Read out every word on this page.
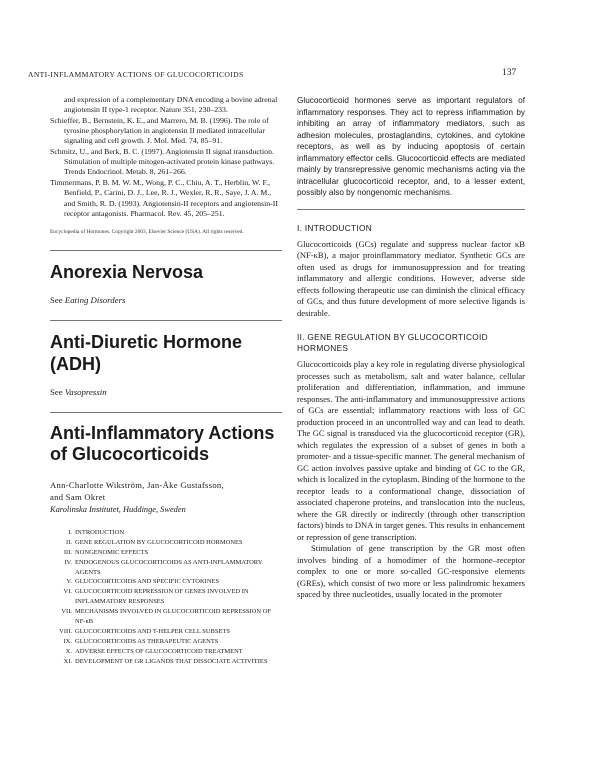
ANTI-INFLAMMATORY ACTIONS OF GLUCOCORTICOIDS	137

and expression of a complementary DNA encoding a bovine adrenal angiotensin II type-1 receptor. Nature 351, 230–233.

Schieffer, B., Bernstein, K. E., and Marrero, M. B. (1996). The role of tyrosine phosphorylation in angiotensin II mediated intracellular signaling and cell growth. J. Mol. Med. 74, 85–91.

Schmitz, U., and Berk, B. C. (1997). Angiotensin II signal transduction. Stimulation of multiple mitogen-activated protein kinase pathways. Trends Endocrinol. Metab. 8, 261–266.

Timmermans, P. B. M. W. M., Wong, P. C., Chiu, A. T., Herblin, W. F., Benfield, P., Carini, D. J., Lee, R. J., Wexler, R. R., Saye, J. A. M., and Smith, R. D. (1993). Angiotensin-II receptors and angiotensin-II receptor antagonists. Pharmacol. Rev. 45, 205–251.

Encyclopedia of Hormones. Copyright 2003, Elsevier Science (USA). All rights reserved.
Anorexia Nervosa

See Eating Disorders

Anti-Diuretic Hormone (ADH)

See Vasopressin

Anti-Inflammatory Actions
of Glucocorticoids
Ann-Charlotte Wikström, Jan-Åke Gustafsson,
and Sam Okret
Karolinska Institutet, Huddinge, Sweden
I. INTRODUCTION
II. GENE REGULATION BY GLUCOCORTICOID HORMONES
III. NONGENOMIC EFFECTS
IV. ENDOGENOUS GLUCOCORTICOIDS AS ANTI-INFLAMMATORY AGENTS
V. GLUCOCORTICOIDS AND SPECIFIC CYTOKINES
VI. GLUCOCORTICOID REPRESSION OF GENES INVOLVED IN INFLAMMATORY RESPONSES
VII. MECHANISMS INVOLVED IN GLUCOCORTICOID REPRESSION OF NF-κB
VIII. GLUCOCORTICOIDS AND T-HELPER CELL SUBSETS
IX. GLUCOCORTICOIDS AS THERAPEUTIC AGENTS
X. ADVERSE EFFECTS OF GLUCOCORTICOID TREATMENT
XI. DEVELOPMENT OF GR LIGANDS THAT DISSOCIATE ACTIVITIES
Glucocorticoid hormones serve as important regulators of inflammatory responses. They act to repress inflammation by inhibiting an array of inflammatory mediators, such as adhesion molecules, prostaglandins, cytokines, and cytokine receptors, as well as by inducing apoptosis of certain inflammatory effector cells. Glucocorticoid effects are mediated mainly by transrepressive genomic mechanisms acting via the intracellular glucocorticoid receptor, and, to a lesser extent, possibly also by nongenomic mechanisms.
I. INTRODUCTION

Glucocorticoids (GCs) regulate and suppress nuclear factor κB (NF-κB), a major proinflammatory mediator. Synthetic GCs are often used as drugs for immunosuppression and for treating inflammatory and allergic conditions. However, adverse side effects following therapeutic use can diminish the clinical efficacy of GCs, and thus future development of more selective ligands is desirable.

II. GENE REGULATION BY GLUCOCORTICOID HORMONES

Glucocorticoids play a key role in regulating diverse physiological processes such as metabolism, salt and water balance, cellular proliferation and differentiation, inflammation, and immune responses. The anti-inflammatory and immunosuppressive actions of GCs are essential; inflammatory reactions with loss of GC production proceed in an uncontrolled way and can lead to death. The GC signal is transduced via the glucocorticoid receptor (GR), which regulates the expression of a subset of genes in both a promoter- and a tissue-specific manner. The general mechanism of GC action involves passive uptake and binding of GC to the GR, which is localized in the cytoplasm. Binding of the hormone to the receptor leads to a conformational change, dissociation of associated chaperone proteins, and translocation into the nucleus, where the GR directly or indirectly (through other transcription factors) binds to DNA in target genes. This results in enhancement or repression of gene transcription.

Stimulation of gene transcription by the GR most often involves binding of a homodimer of the hormone–receptor complex to one or more so-called GC-responsive elements (GREs), which consist of two more or less palindromic hexamers spaced by three nucleotides, usually located in the promoter
